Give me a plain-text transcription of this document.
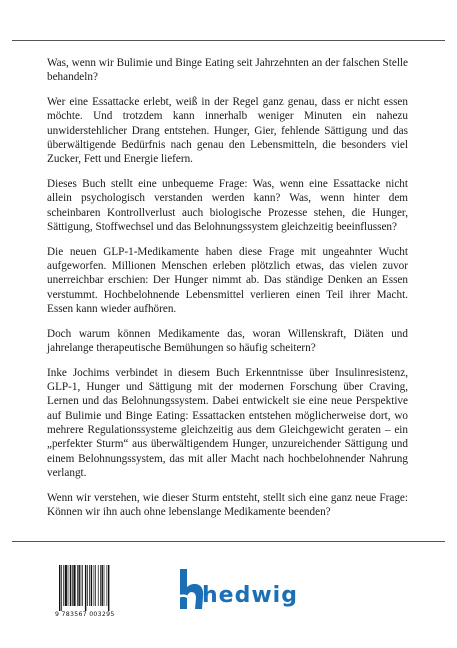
Was, wenn wir Bulimie und Binge Eating seit Jahrzehnten an der falschen Stelle behandeln?

Wer eine Essattacke erlebt, weiß in der Regel ganz genau, dass er nicht essen möchte. Und trotzdem kann innerhalb weniger Minuten ein nahezu unwiderstehlicher Drang entstehen. Hunger, Gier, fehlende Sättigung und das überwältigende Bedürfnis nach genau den Lebensmitteln, die besonders viel Zucker, Fett und Energie liefern.

Dieses Buch stellt eine unbequeme Frage: Was, wenn eine Essattacke nicht allein psychologisch verstanden werden kann? Was, wenn hinter dem scheinbaren Kontrollverlust auch biologische Prozesse stehen, die Hunger, Sättigung, Stoffwechsel und das Belohnungssystem gleichzeitig beeinflussen?

Die neuen GLP-1-Medikamente haben diese Frage mit ungeahnter Wucht aufgeworfen. Millionen Menschen erleben plötzlich etwas, das vielen zuvor unerreichbar erschien: Der Hunger nimmt ab. Das ständige Denken an Essen verstummt. Hochbelohnende Lebensmittel verlieren einen Teil ihrer Macht. Essen kann wieder aufhören.

Doch warum können Medikamente das, woran Willenskraft, Diäten und jahrelange therapeutische Bemühungen so häufig scheitern?

Inke Jochims verbindet in diesem Buch Erkenntnisse über Insulinresistenz, GLP-1, Hunger und Sättigung mit der modernen Forschung über Craving, Lernen und das Belohnungssystem. Dabei entwickelt sie eine neue Perspektive auf Bulimie und Binge Eating: Essattacken entstehen möglicherweise dort, wo mehrere Regulationssysteme gleichzeitig aus dem Gleichgewicht geraten – ein „perfekter Sturm“ aus überwältigendem Hunger, unzureichender Sättigung und einem Belohnungssystem, das mit aller Macht nach hochbelohnender Nahrung verlangt.

Wenn wir verstehen, wie dieser Sturm entsteht, stellt sich eine ganz neue Frage: Können wir ihn auch ohne lebenslange Medikamente beenden?

9 783567 003295
hedwig
